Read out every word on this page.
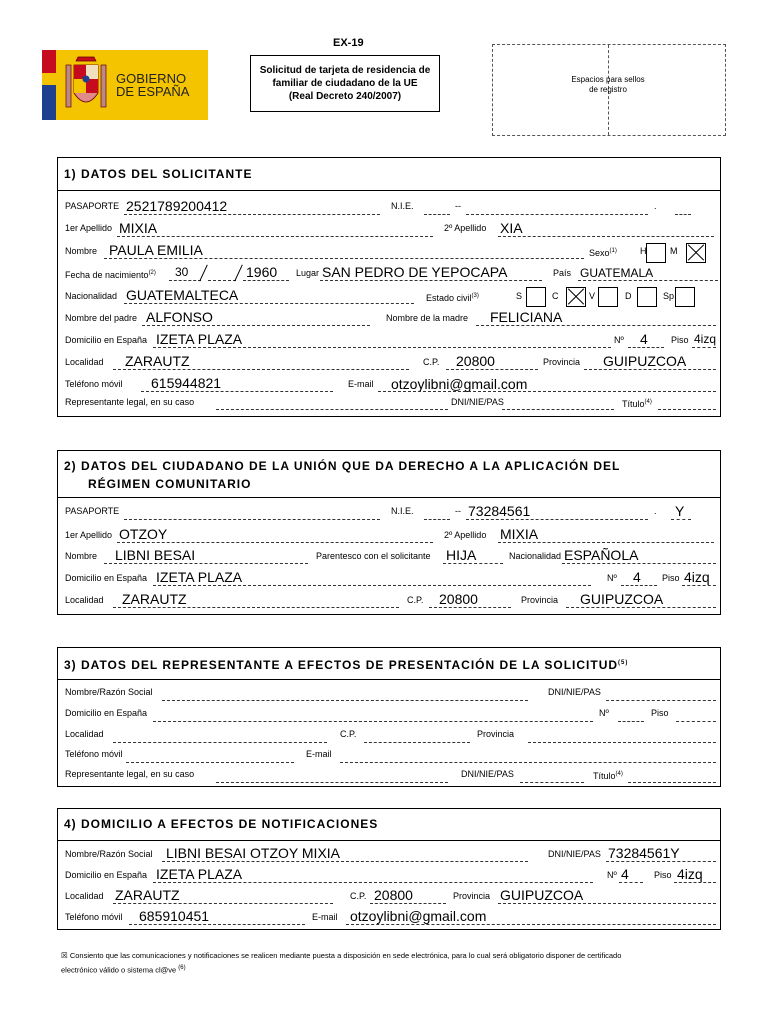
GOBIERNO
DE ESPAÑA
EX-19
Solicitud de tarjeta de residencia de
familiar de ciudadano de la UE
(Real Decreto 240/2007)
Espacios para sellos
de registro
1) DATOS DEL SOLICITANTE
PASAPORTE 2521789200412	N.I.E.	--	.
1er Apellido MIXIA	2º Apellido XIA
Nombre PAULA EMILIA	Sexo$^{(1)}$	H	M
Fecha de nacimiento$^{(2)}$ 30	1960 Lugar SAN PEDRO DE YEPOCAPA	País GUATEMALA
Nacionalidad GUATEMALTECA	Estado civil$^{(3)}$	S	C	V	D	Sp
Nombre del padre ALFONSO	Nombre de la madre FELICIANA
Domicilio en España IZETA PLAZA	Nº 4	Piso 4izq
Localidad ZARAUTZ	C.P. 20800	Provincia GUIPUZCOA
Teléfono móvil 615944821	E-mail otzoylibni@gmail.com
Representante legal, en su caso	DNI/NIE/PAS	Título$^{(4)}$
2) DATOS DEL CIUDADANO DE LA UNIÓN QUE DA DERECHO A LA APLICACIÓN DEL
RÉGIMEN COMUNITARIO
PASAPORTE	N.I.E.	-- 73284561	. Y
1er Apellido OTZOY	2º Apellido MIXIA
Nombre LIBNI BESAI	Parentesco con el solicitante HIJA	Nacionalidad ESPAÑOLA
Domicilio en España IZETA PLAZA	Nº 4 Piso 4izq
Localidad ZARAUTZ	C.P. 20800	Provincia GUIPUZCOA
3) DATOS DEL REPRESENTANTE A EFECTOS DE PRESENTACIÓN DE LA SOLICITUD$^{(5)}$
Nombre/Razón Social	DNI/NIE/PAS
Domicilio en España	Nº	Piso
Localidad	C.P.	Provincia
Teléfono móvil	E-mail
Representante legal, en su caso	DNI/NIE/PAS	Título$^{(4)}$
4) DOMICILIO A EFECTOS DE NOTIFICACIONES
Nombre/Razón Social LIBNI BESAI OTZOY MIXIA	DNI/NIE/PAS 73284561Y
Domicilio en España IZETA PLAZA	Nº 4	Piso 4izq
Localidad ZARAUTZ	C.P. 20800	Provincia GUIPUZCOA
Teléfono móvil 685910451	E-mail otzoylibni@gmail.com
☒ Consiento que las comunicaciones y notificaciones se realicen mediante puesta a disposición en sede electrónica, para lo cual será obligatorio disponer de certificado
electrónico válido o sistema cl@ve $^{(6)}$
